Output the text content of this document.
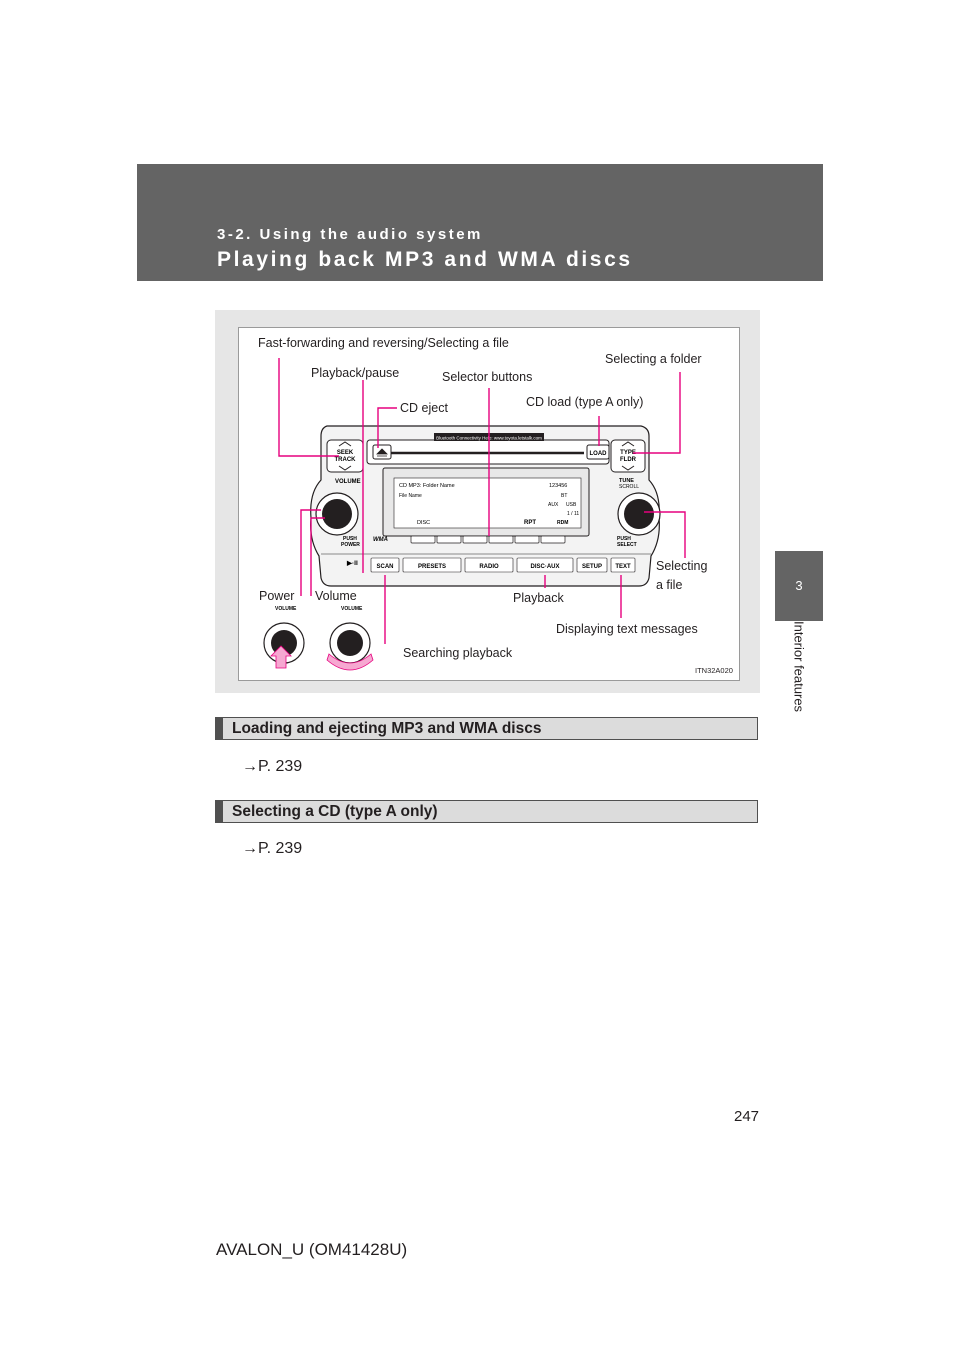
3-2. Using the audio system
Playing back MP3 and WMA discs
3
Interior features
Bluetooth Connectivity Help: www.toyota.letstalk.com
LOAD
SEEK
TRACK
TYPE
FLDR
VOLUME	TUNE
SCROLL
PUSH
POWER
PUSH
SELECT
WMA
CD MP3: Folder Name
File Name
DISC	RPT	RDM
1 / 11
123456
BT
AUX USB
▶·II	SCAN	PRESETS	RADIO	DISC·AUX	SETUP TEXT
VOLUME	VOLUME
Fast-forwarding and reversing/Selecting a file
Selecting a folder
Playback/pause	Selector buttons
CD eject	CD load (type A only)
Selecting
a file
Power Volume	Playback
Displaying text messages
Searching playback
ITN32A020
Loading and ejecting MP3 and WMA discs
→P. 239
Selecting a CD (type A only)
→P. 239
247
AVALON_U (OM41428U)
